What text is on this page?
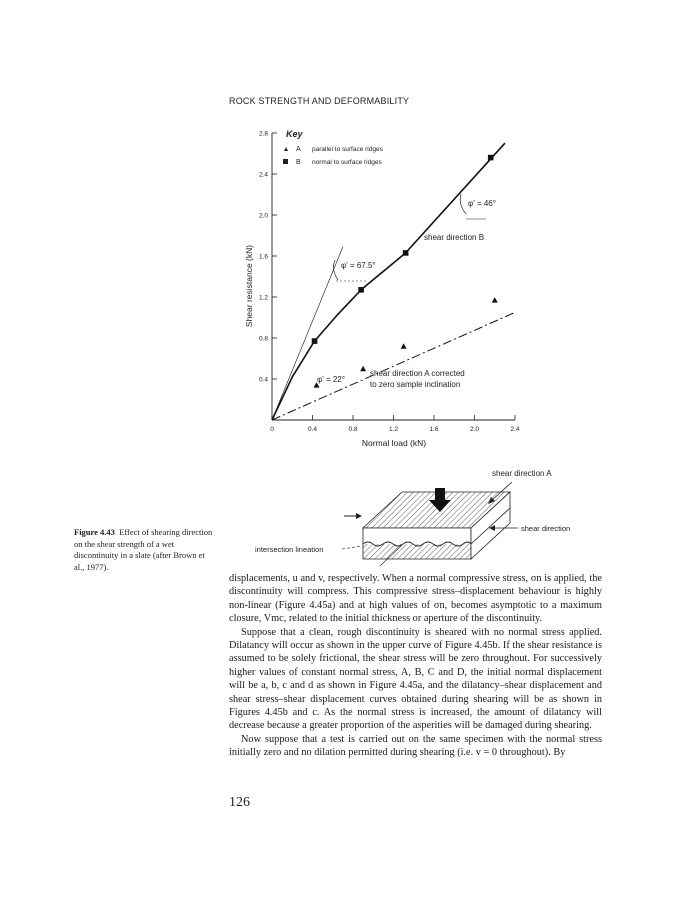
ROCK STRENGTH AND DEFORMABILITY
0	0.4	0.8	1.2	1.6	2.0	2.4
0.4
0.8
1.2
1.6
2.0
2.4
2.8 Key
A parallel to surface ridges
B normal to surface ridges
φ' = 46°
shear direction B
φ' = 67.5°
φ' = 22°
shear direction A corrected
to zero sample inclination
Normal load (kN)
Shear resistance (kN)
shear direction A
shear direction
intersection lineation
Figure 4.43 Effect of shearing direction on the shear strength of a wet discontinuity in a slate (after Brown et al., 1977).

displacements, u and v, respectively. When a normal compressive stress, σn is applied, the discontinuity will compress. This compressive stress–displacement behaviour is highly non-linear (Figure 4.45a) and at high values of σn, becomes asymptotic to a maximum closure, Vmc, related to the initial thickness or aperture of the discontinuity.

Suppose that a clean, rough discontinuity is sheared with no normal stress applied. Dilatancy will occur as shown in the upper curve of Figure 4.45b. If the shear resistance is assumed to be solely frictional, the shear stress will be zero throughout. For successively higher values of constant normal stress, A, B, C and D, the initial normal displacement will be a, b, c and d as shown in Figure 4.45a, and the dilatancy–shear displacement and shear stress–shear displacement curves obtained during shearing will be as shown in Figures 4.45b and c. As the normal stress is increased, the amount of dilatancy will decrease because a greater proportion of the asperities will be damaged during shearing.

Now suppose that a test is carried out on the same specimen with the normal stress initially zero and no dilation permitted during shearing (i.e. v = 0 throughout). By

126
